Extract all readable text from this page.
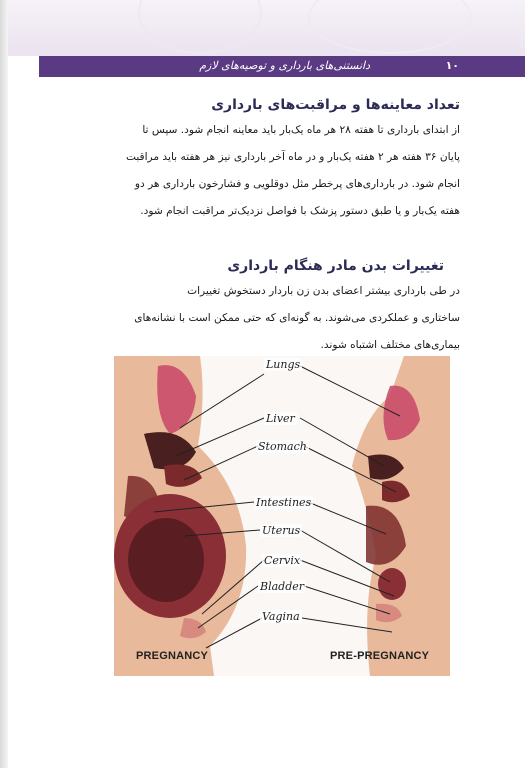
دانستنی‌های بارداری و توصیه‌های لازم	۱۰
تعداد معاینه‌ها و مراقبت‌های بارداری
از ابتدای بارداری تا هفته ۲۸ هر ماه یک‌بار باید معاینه انجام شود. سپس تا
پایان ۳۶ هفته هر ۲ هفته یک‌بار و در ماه آخر بارداری نیز هر هفته باید مراقبت
انجام شود. در بارداری‌های پرخطر مثل دوقلویی و فشارخون بارداری هر دو
هفته یک‌بار و یا طبق دستور پزشک با فواصل نزدیک‌تر مراقبت انجام شود.
تغییرات بدن مادر هنگام بارداری
در طی بارداری بیشتر اعضای بدن زن باردار دستخوش تغییرات
ساختاری و عملکردی می‌شوند. به گونه‌ای که حتی ممکن است با نشانه‌های
بیماری‌های مختلف اشتباه شوند.
Lungs
Liver
Stomach
Intestines
Uterus
Cervix
Bladder
Vagina
PREGNANCY	PRE-PREGNANCY
